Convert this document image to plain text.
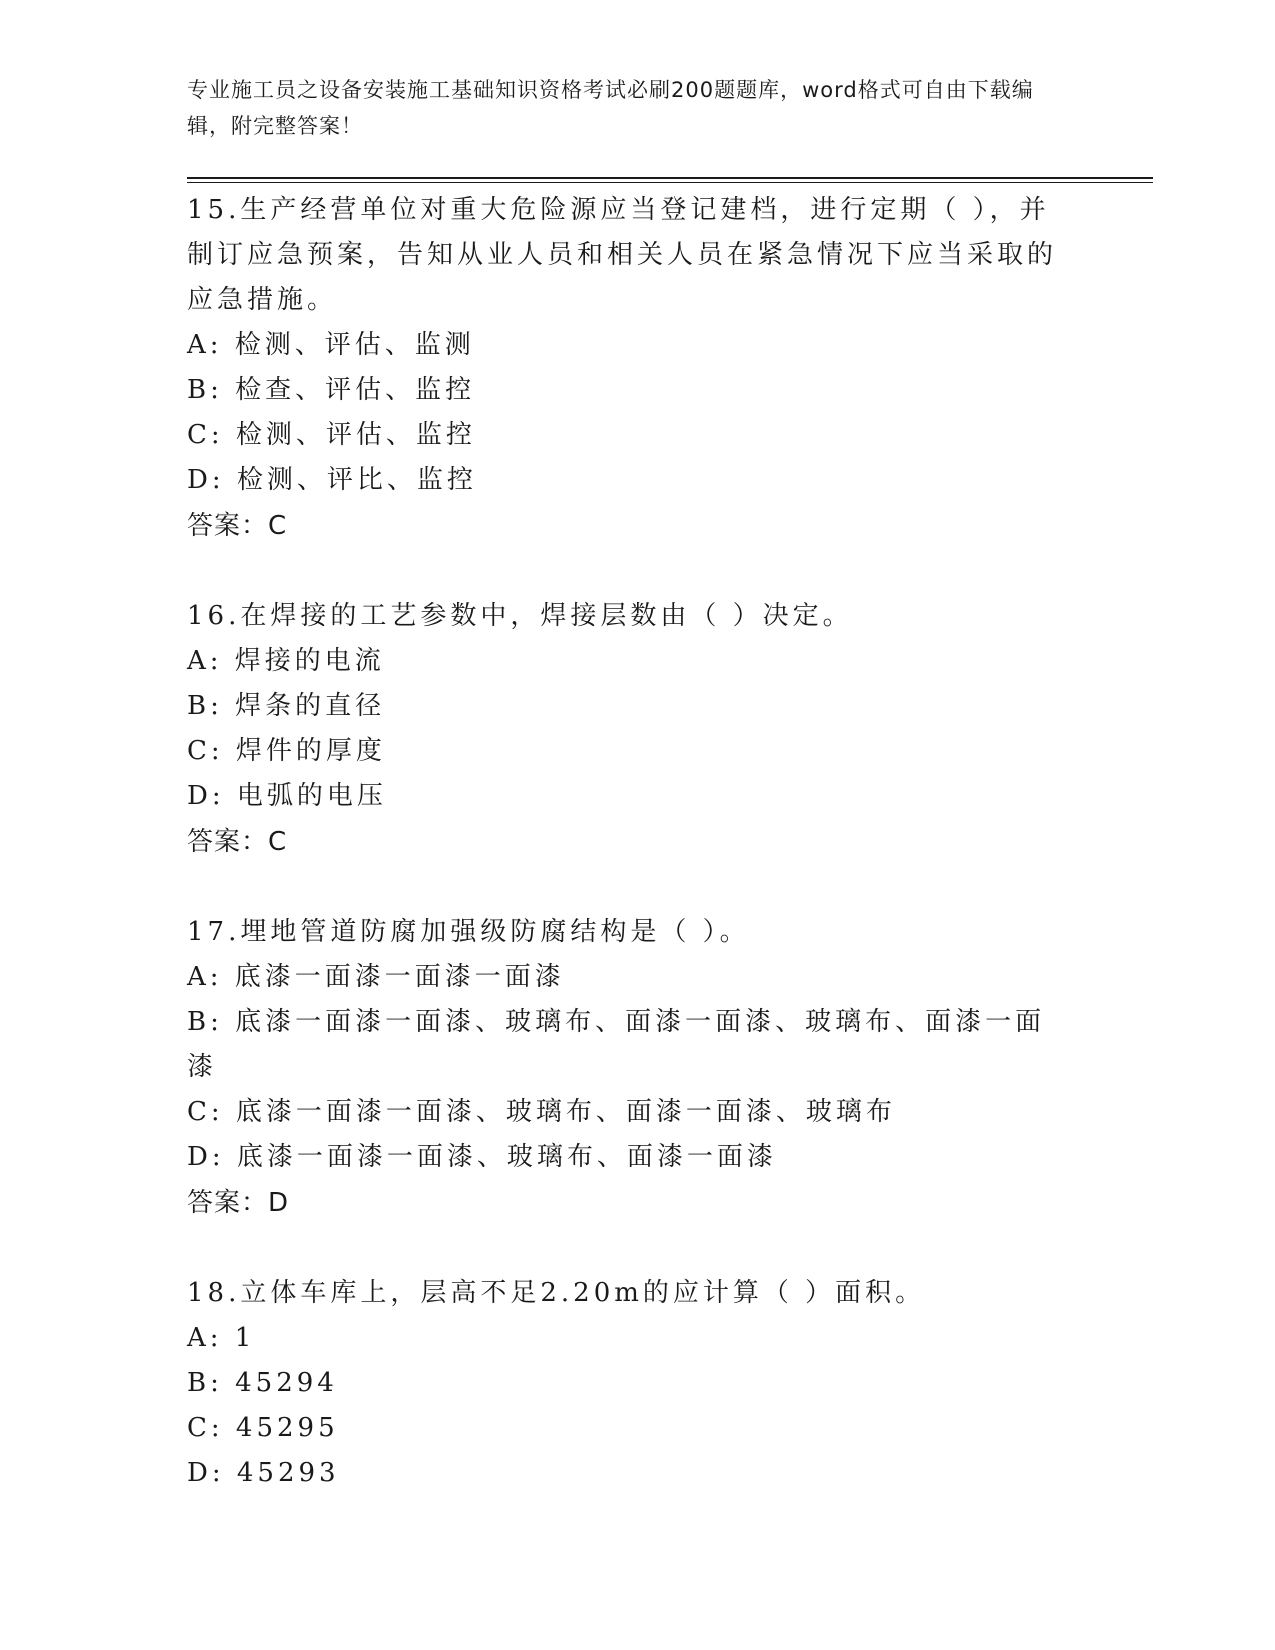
专业施工员之设备安装施工基础知识资格考试必刷200题题库，word格式可自由下载编辑，附完整答案！
15.生产经营单位对重大危险源应当登记建档，进行定期（ ），并制订应急预案，告知从业人员和相关人员在紧急情况下应当采取的应急措施。
A: 检测、评估、监测
B: 检查、评估、监控
C: 检测、评估、监控
D: 检测、评比、监控
答案：C
16.在焊接的工艺参数中，焊接层数由（ ）决定。
A: 焊接的电流
B: 焊条的直径
C: 焊件的厚度
D: 电弧的电压
答案：C
17.埋地管道防腐加强级防腐结构是（ ）。
A: 底漆一面漆一面漆一面漆
B: 底漆一面漆一面漆、玻璃布、面漆一面漆、玻璃布、面漆一面漆
C: 底漆一面漆一面漆、玻璃布、面漆一面漆、玻璃布
D: 底漆一面漆一面漆、玻璃布、面漆一面漆
答案：D
18.立体车库上，层高不足2.20m的应计算（ ）面积。
A: 1
B: 45294
C: 45295
D: 45293
